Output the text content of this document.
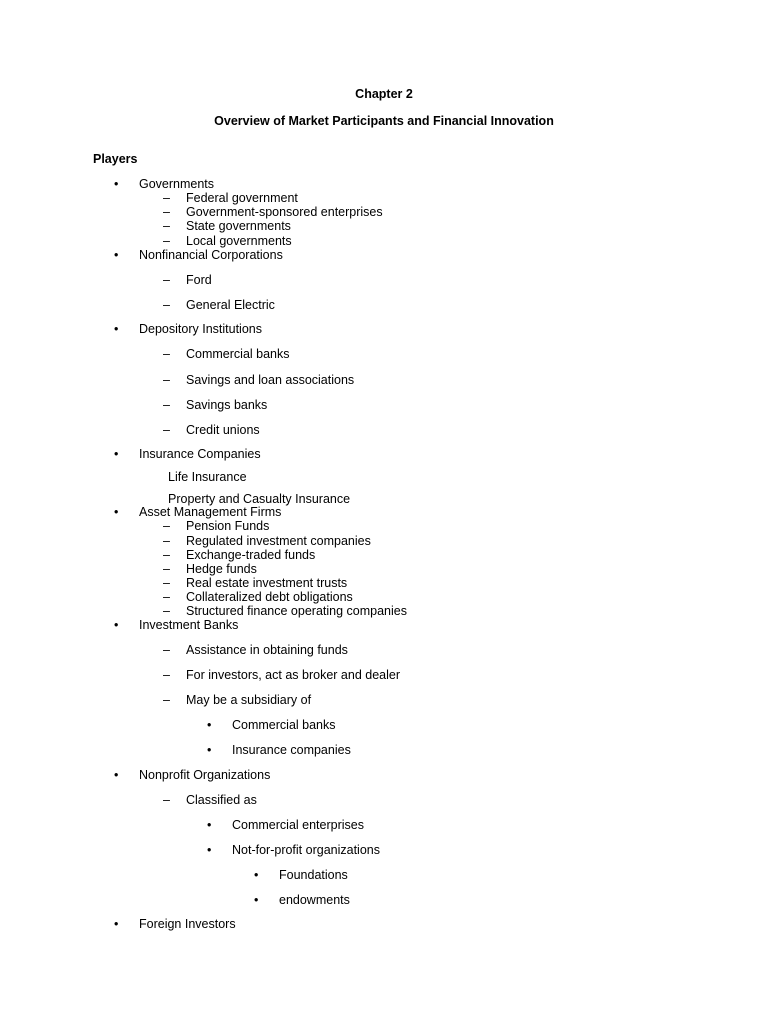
Chapter 2
Overview of Market Participants and Financial Innovation
Players
• Governments
– Federal government
– Government-sponsored enterprises
– State governments
– Local governments
• Nonfinancial Corporations
– Ford
– General Electric
• Depository Institutions
– Commercial banks
– Savings and loan associations
– Savings banks
– Credit unions
• Insurance Companies
Life Insurance
Property and Casualty Insurance
• Asset Management Firms
– Pension Funds
– Regulated investment companies
– Exchange-traded funds
– Hedge funds
– Real estate investment trusts
– Collateralized debt obligations
– Structured finance operating companies
• Investment Banks
– Assistance in obtaining funds
– For investors, act as broker and dealer
– May be a subsidiary of
• Commercial banks
• Insurance companies
• Nonprofit Organizations
– Classified as
• Commercial enterprises
• Not-for-profit organizations
• Foundations
• endowments
• Foreign Investors
